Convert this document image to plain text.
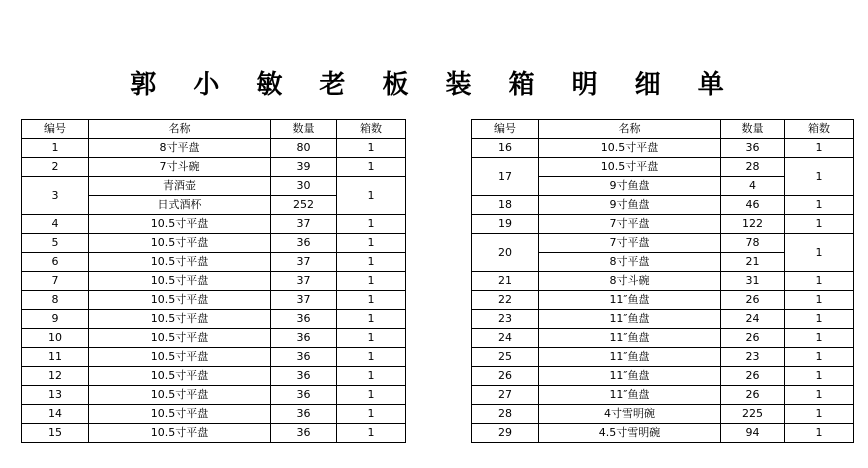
郭 小 敏 老 板 装 箱 明 细 单
编号	名称	数量	箱数
1	8寸平盘	80	1
2	7寸斗碗	39	1
3	青酒壶	30	1
	日式酒杯	252	
4	10.5寸平盘	37	1
5	10.5寸平盘	36	1
6	10.5寸平盘	37	1
7	10.5寸平盘	37	1
8	10.5寸平盘	37	1
9	10.5寸平盘	36	1
10	10.5寸平盘	36	1
11	10.5寸平盘	36	1
12	10.5寸平盘	36	1
13	10.5寸平盘	36	1
14	10.5寸平盘	36	1
15	10.5寸平盘	36	1
编号	名称	数量	箱数
16	10.5寸平盘	36	1
17	10.5寸平盘	28	1
	9寸鱼盘	4	
18	9寸鱼盘	46	1
19	7寸平盘	122	1
20	7寸平盘	78	1
	8寸平盘	21	
21	8寸斗碗	31	1
22	11″鱼盘	26	1
23	11″鱼盘	24	1
24	11″鱼盘	26	1
25	11″鱼盘	23	1
26	11″鱼盘	26	1
27	11″鱼盘	26	1
28	4寸雪明碗	225	1
29	4.5寸雪明碗	94	1
